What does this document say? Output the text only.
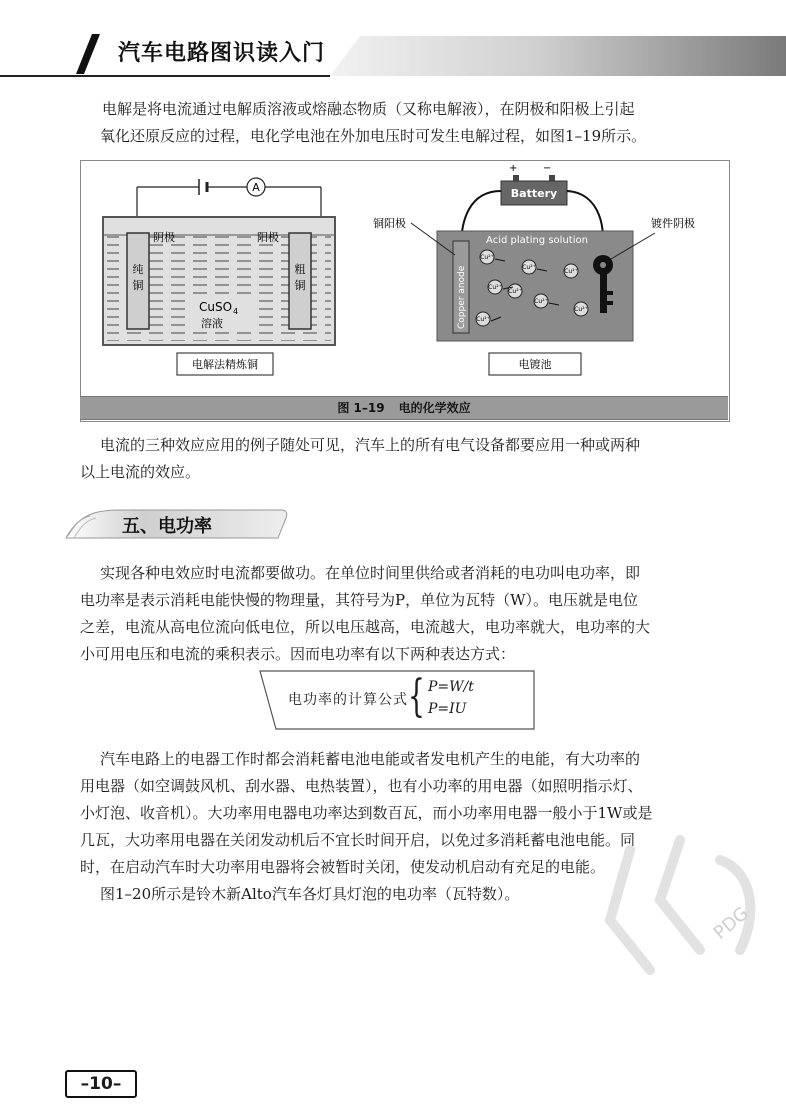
汽车电路图识读入门
电解是将电流通过电解质溶液或熔融态物质（又称电解液），在阴极和阳极上引起
氧化还原反应的过程，电化学电池在外加电压时可发生电解过程，如图1–19所示。
A
阴极	阳极
纯
铜
粗
铜
CuSO 4
溶液
电解法精炼铜
+	−
Battery
Acid plating solution
Copper anode
Cu²⁺
Cu²⁺
Cu²⁺
Cu²⁺
Cu²⁺
Cu²⁺
Cu²⁺
Cu²⁺
铜阳极	镀件阴极
电镀池
图 1–19 电的化学效应
电流的三种效应应用的例子随处可见，汽车上的所有电气设备都要应用一种或两种
以上电流的效应。
五、电功率
实现各种电效应时电流都要做功。在单位时间里供给或者消耗的电功叫电功率，即
电功率是表示消耗电能快慢的物理量，其符号为P，单位为瓦特（W）。电压就是电位
之差，电流从高电位流向低电位，所以电压越高，电流越大，电功率就大，电功率的大
小可用电压和电流的乘积表示。因而电功率有以下两种表达方式：
电功率的计算公式 { P=W/t
P=IU
汽车电路上的电器工作时都会消耗蓄电池电能或者发电机产生的电能，有大功率的
用电器（如空调鼓风机、刮水器、电热装置），也有小功率的用电器（如照明指示灯、
小灯泡、收音机）。大功率用电器电功率达到数百瓦，而小功率用电器一般小于1W或是
几瓦，大功率用电器在关闭发动机后不宜长时间开启，以免过多消耗蓄电池电能。同
时，在启动汽车时大功率用电器将会被暂时关闭，使发动机启动有充足的电能。
图1–20所示是铃木新Alto汽车各灯具灯泡的电功率（瓦特数）。
PDG
–10–
